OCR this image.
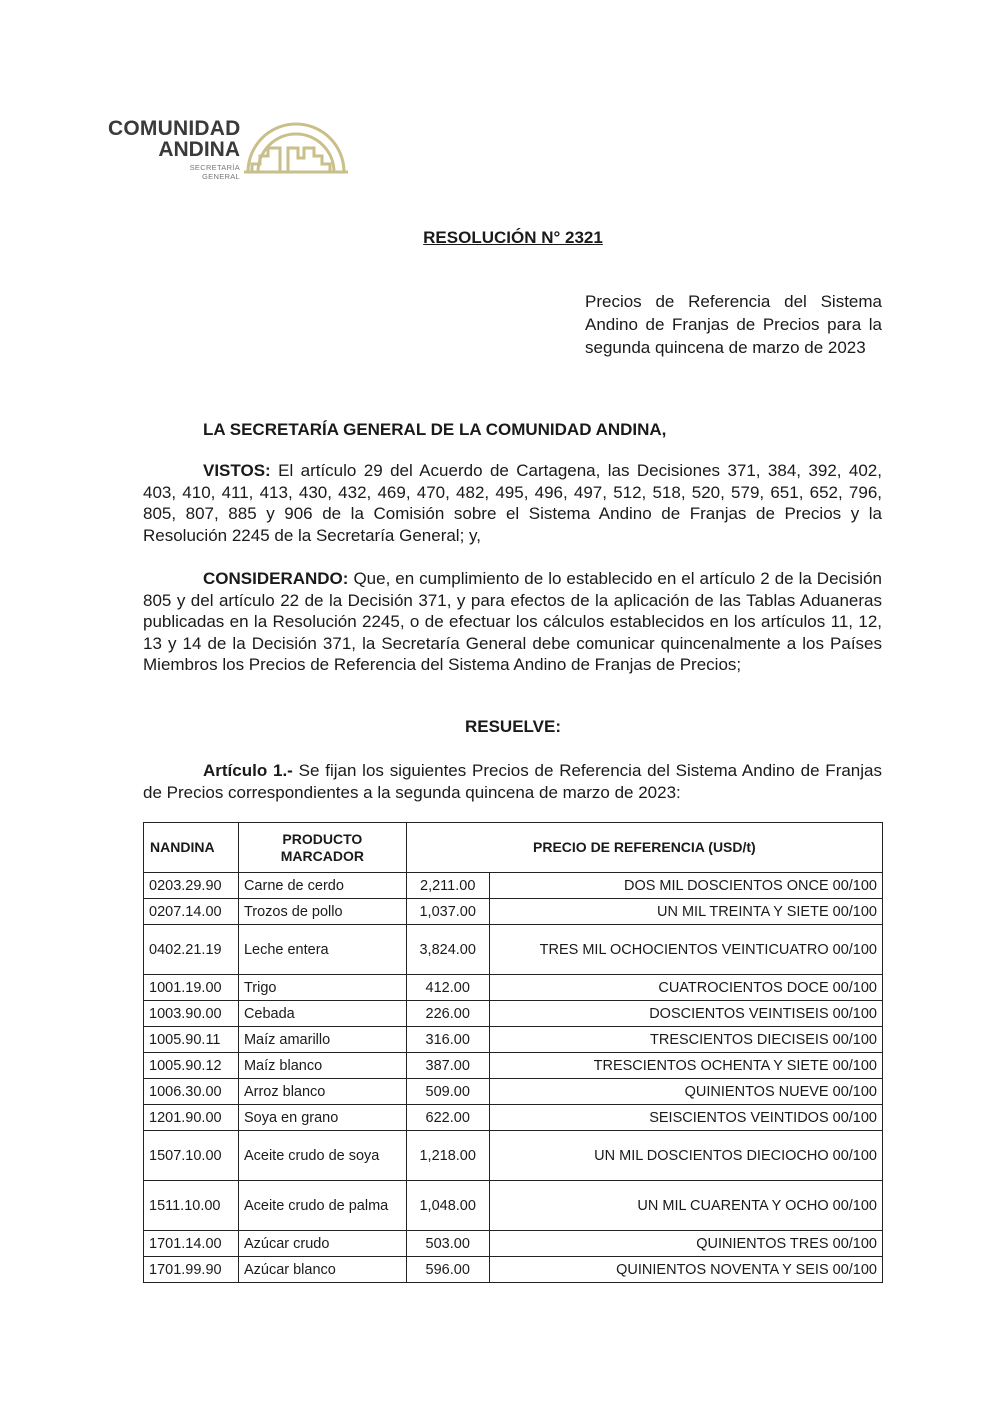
COMUNIDAD
ANDINA
SECRETARÍA GENERAL
RESOLUCIÓN N° 2321
Precios de Referencia del Sistema Andino de Franjas de Precios para la segunda quincena de marzo de 2023
LA SECRETARÍA GENERAL DE LA COMUNIDAD ANDINA,
VISTOS: El artículo 29 del Acuerdo de Cartagena, las Decisiones 371, 384, 392, 402, 403, 410, 411, 413, 430, 432, 469, 470, 482, 495, 496, 497, 512, 518, 520, 579, 651, 652, 796, 805, 807, 885 y 906 de la Comisión sobre el Sistema Andino de Franjas de Precios y la Resolución 2245 de la Secretaría General; y,
CONSIDERANDO: Que, en cumplimiento de lo establecido en el artículo 2 de la Decisión 805 y del artículo 22 de la Decisión 371, y para efectos de la aplicación de las Tablas Aduaneras publicadas en la Resolución 2245, o de efectuar los cálculos establecidos en los artículos 11, 12, 13 y 14 de la Decisión 371, la Secretaría General debe comunicar quincenalmente a los Países Miembros los Precios de Referencia del Sistema Andino de Franjas de Precios;
RESUELVE:
Artículo 1.- Se fijan los siguientes Precios de Referencia del Sistema Andino de Franjas de Precios correspondientes a la segunda quincena de marzo de 2023:
NANDINA	PRODUCTO MARCADOR	PRECIO DE REFERENCIA (USD/t)	
0203.29.90	Carne de cerdo	2,211.00	DOS MIL DOSCIENTOS ONCE 00/100
0207.14.00	Trozos de pollo	1,037.00	UN MIL TREINTA Y SIETE 00/100
0402.21.19	Leche entera	3,824.00	TRES MIL OCHOCIENTOS VEINTICUATRO 00/100
1001.19.00	Trigo	412.00	CUATROCIENTOS DOCE 00/100
1003.90.00	Cebada	226.00	DOSCIENTOS VEINTISEIS 00/100
1005.90.11	Maíz amarillo	316.00	TRESCIENTOS DIECISEIS 00/100
1005.90.12	Maíz blanco	387.00	TRESCIENTOS OCHENTA Y SIETE 00/100
1006.30.00	Arroz blanco	509.00	QUINIENTOS NUEVE 00/100
1201.90.00	Soya en grano	622.00	SEISCIENTOS VEINTIDOS 00/100
1507.10.00	Aceite crudo de soya	1,218.00	UN MIL DOSCIENTOS DIECIOCHO 00/100
1511.10.00	Aceite crudo de palma	1,048.00	UN MIL CUARENTA Y OCHO 00/100
1701.14.00	Azúcar crudo	503.00	QUINIENTOS TRES 00/100
1701.99.90	Azúcar blanco	596.00	QUINIENTOS NOVENTA Y SEIS 00/100
